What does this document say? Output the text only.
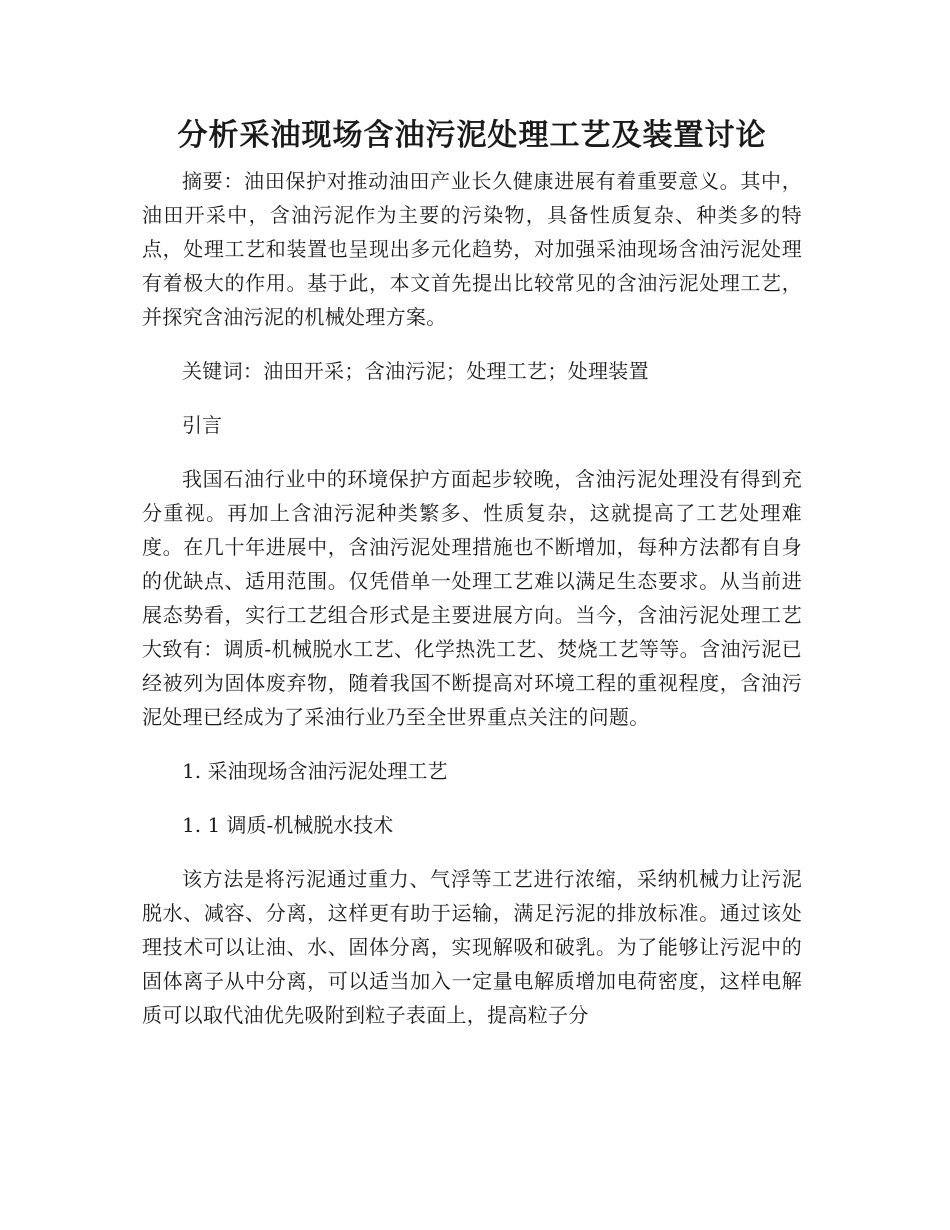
分析采油现场含油污泥处理工艺及装置讨论

摘要：油田保护对推动油田产业长久健康进展有着重要意义。其中，油田开采中，含油污泥作为主要的污染物，具备性质复杂、种类多的特点，处理工艺和装置也呈现出多元化趋势，对加强采油现场含油污泥处理有着极大的作用。基于此，本文首先提出比较常见的含油污泥处理工艺，并探究含油污泥的机械处理方案。

关键词：油田开采；含油污泥；处理工艺；处理装置

引言

我国石油行业中的环境保护方面起步较晚，含油污泥处理没有得到充分重视。再加上含油污泥种类繁多、性质复杂，这就提高了工艺处理难度。在几十年进展中，含油污泥处理措施也不断增加，每种方法都有自身的优缺点、适用范围。仅凭借单一处理工艺难以满足生态要求。从当前进展态势看，实行工艺组合形式是主要进展方向。当今，含油污泥处理工艺大致有：调质-机械脱水工艺、化学热洗工艺、焚烧工艺等等。含油污泥已经被列为固体废弃物，随着我国不断提高对环境工程的重视程度，含油污泥处理已经成为了采油行业乃至全世界重点关注的问题。

1. 采油现场含油污泥处理工艺

1. 1 调质-机械脱水技术

该方法是将污泥通过重力、气浮等工艺进行浓缩，采纳机械力让污泥脱水、减容、分离，这样更有助于运输，满足污泥的排放标准。通过该处理技术可以让油、水、固体分离，实现解吸和破乳。为了能够让污泥中的固体离子从中分离，可以适当加入一定量电解质增加电荷密度，这样电解质可以取代油优先吸附到粒子表面上，提高粒子分
